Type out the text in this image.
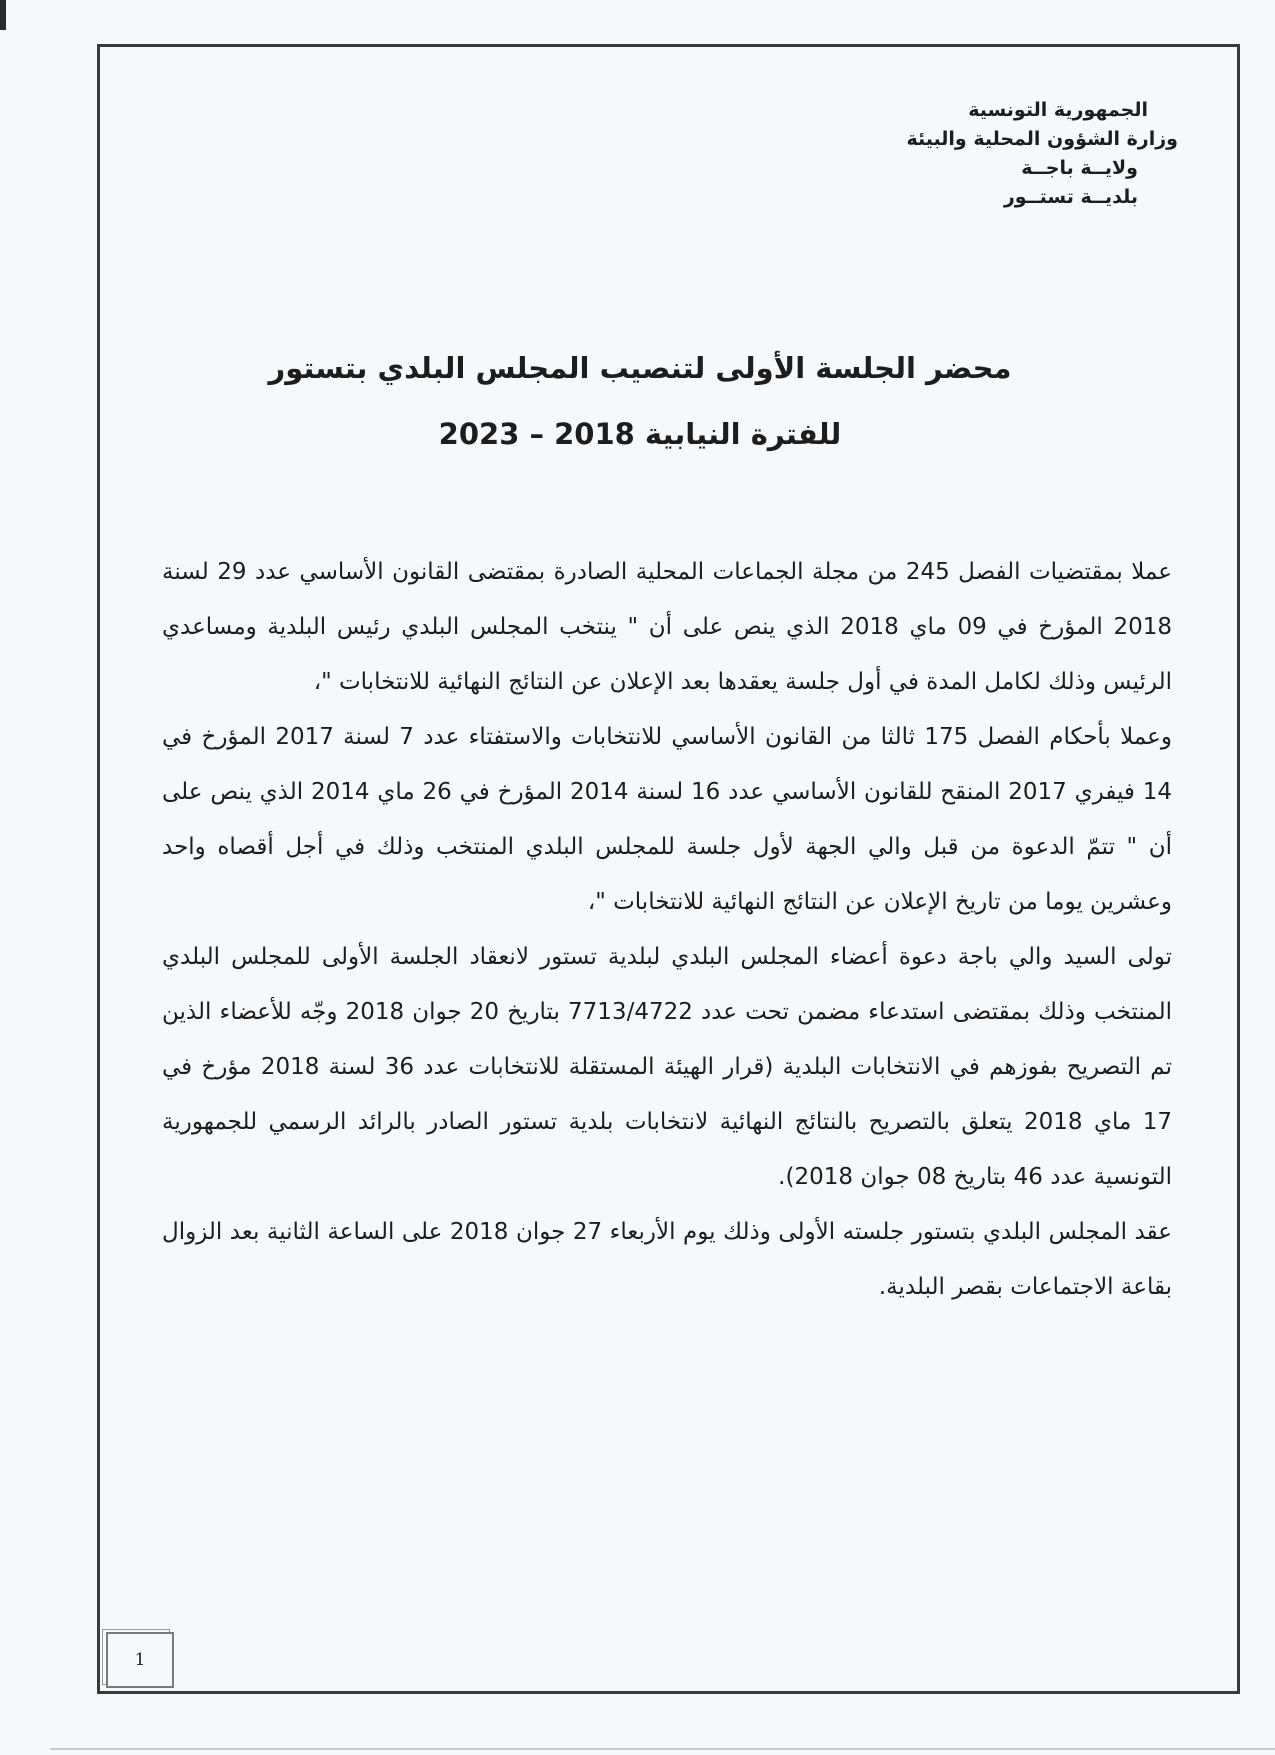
الجمهورية التونسية
وزارة الشؤون المحلية والبيئة
ولايــة باجــة
بلديــة تستــور
محضر الجلسة الأولى لتنصيب المجلس البلدي بتستور
للفترة النيابية 2018 – 2023

عملا بمقتضيات الفصل 245 من مجلة الجماعات المحلية الصادرة بمقتضى القانون الأساسي عدد 29 لسنة 2018 المؤرخ في 09 ماي 2018 الذي ينص على أن " ينتخب المجلس البلدي رئيس البلدية ومساعدي الرئيس وذلك لكامل المدة في أول جلسة يعقدها بعد الإعلان عن النتائج النهائية للانتخابات "،

وعملا بأحكام الفصل 175 ثالثا من القانون الأساسي للانتخابات والاستفتاء عدد 7 لسنة 2017 المؤرخ في 14 فيفري 2017 المنقح للقانون الأساسي عدد 16 لسنة 2014 المؤرخ في 26 ماي 2014 الذي ينص على أن " تتمّ الدعوة من قبل والي الجهة لأول جلسة للمجلس البلدي المنتخب وذلك في أجل أقصاه واحد وعشرين يوما من تاريخ الإعلان عن النتائج النهائية للانتخابات "،

تولى السيد والي باجة دعوة أعضاء المجلس البلدي لبلدية تستور لانعقاد الجلسة الأولى للمجلس البلدي المنتخب وذلك بمقتضى استدعاء مضمن تحت عدد 7713/4722 بتاريخ 20 جوان 2018 وجّه للأعضاء الذين تم التصريح بفوزهم في الانتخابات البلدية (قرار الهيئة المستقلة للانتخابات عدد 36 لسنة 2018 مؤرخ في 17 ماي 2018 يتعلق بالتصريح بالنتائج النهائية لانتخابات بلدية تستور الصادر بالرائد الرسمي للجمهورية التونسية عدد 46 بتاريخ 08 جوان 2018).

عقد المجلس البلدي بتستور جلسته الأولى وذلك يوم الأربعاء 27 جوان 2018 على الساعة الثانية بعد الزوال بقاعة الاجتماعات بقصر البلدية.

1
